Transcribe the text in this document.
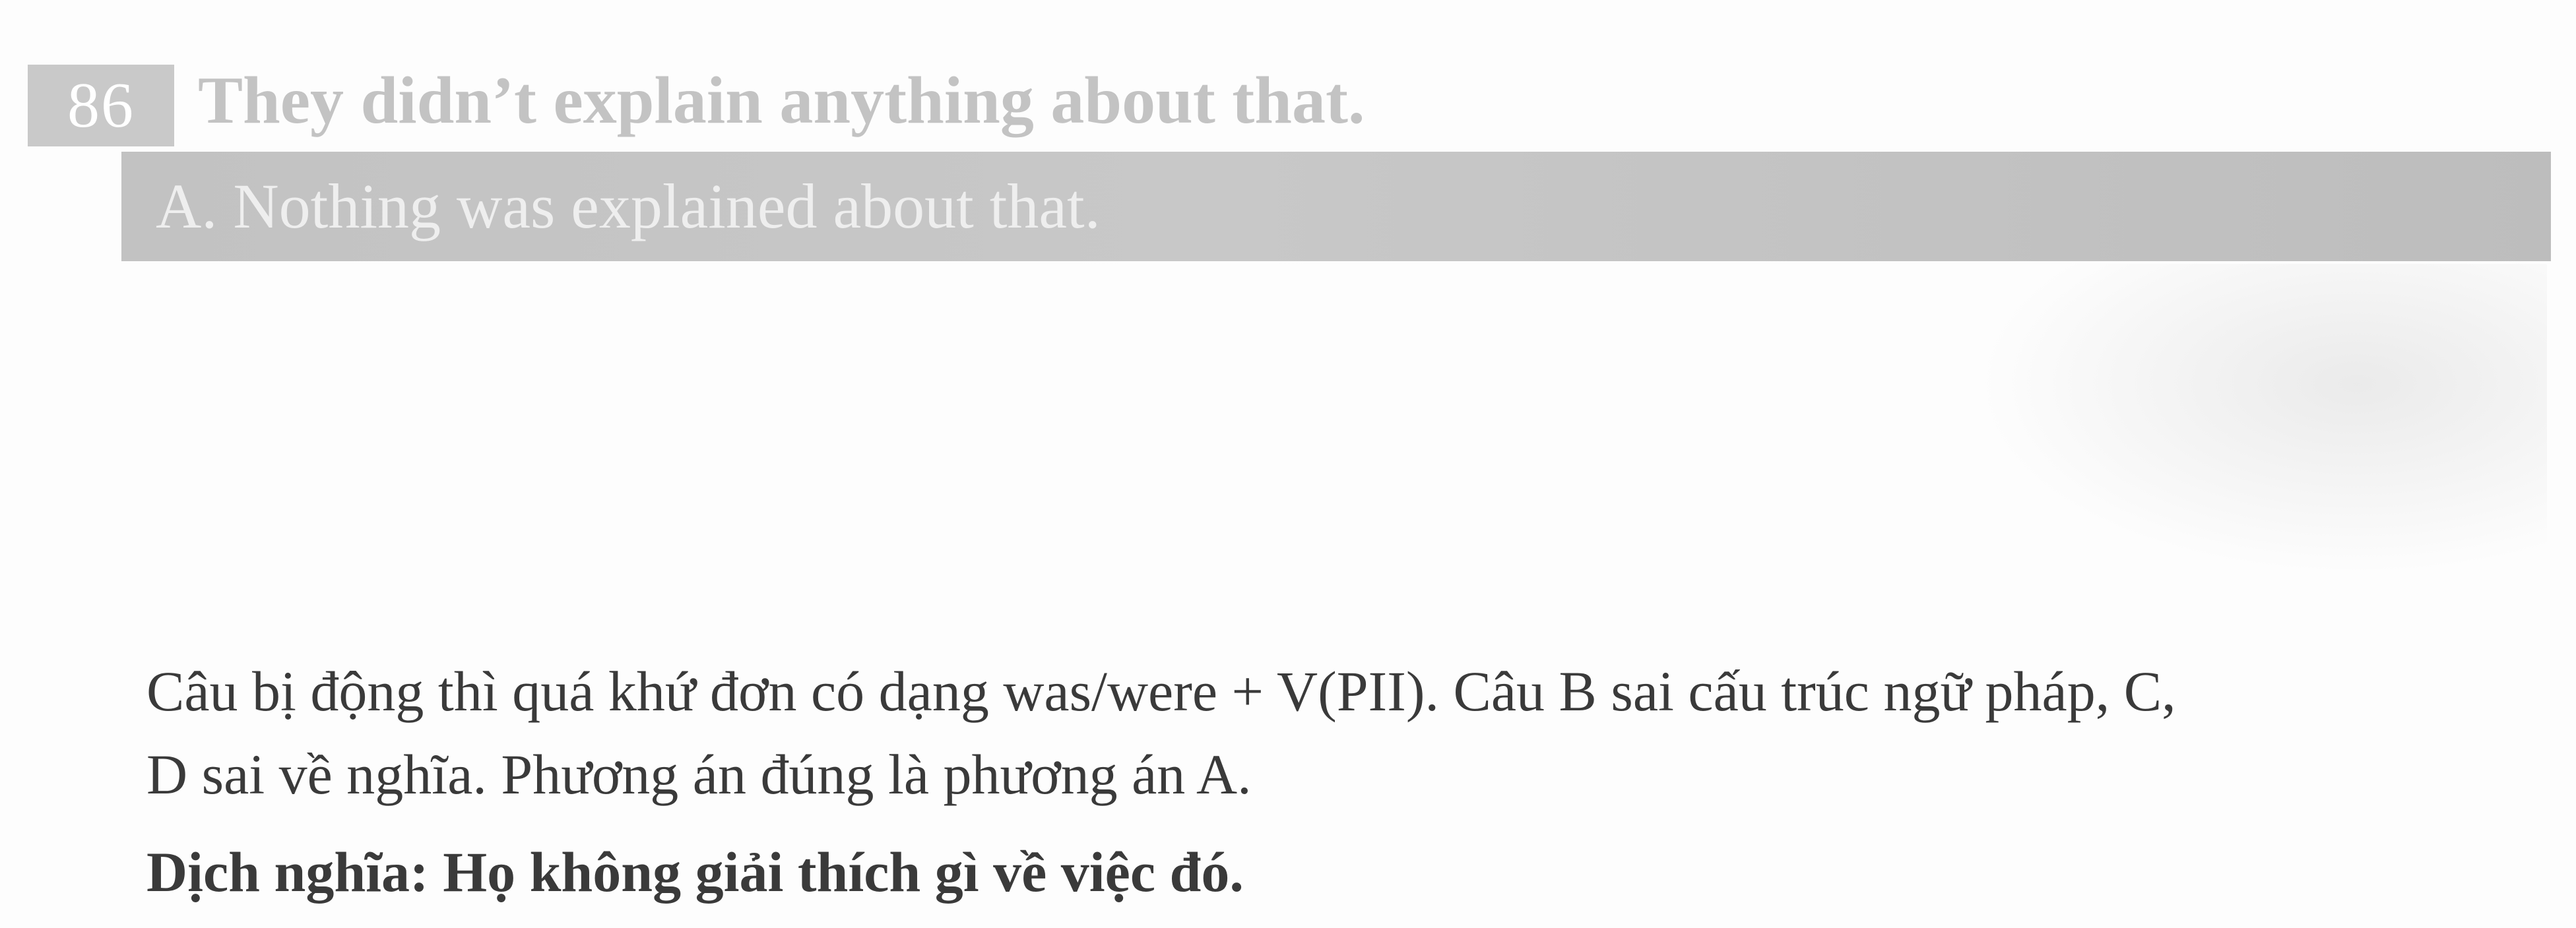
86 They didn’t explain anything about that.
A. Nothing was explained about that.

Câu bị động thì quá khứ đơn có dạng was/were + V(PII). Câu B sai cấu trúc ngữ pháp, C,

D sai về nghĩa. Phương án đúng là phương án A.

Dịch nghĩa: Họ không giải thích gì về việc đó.
